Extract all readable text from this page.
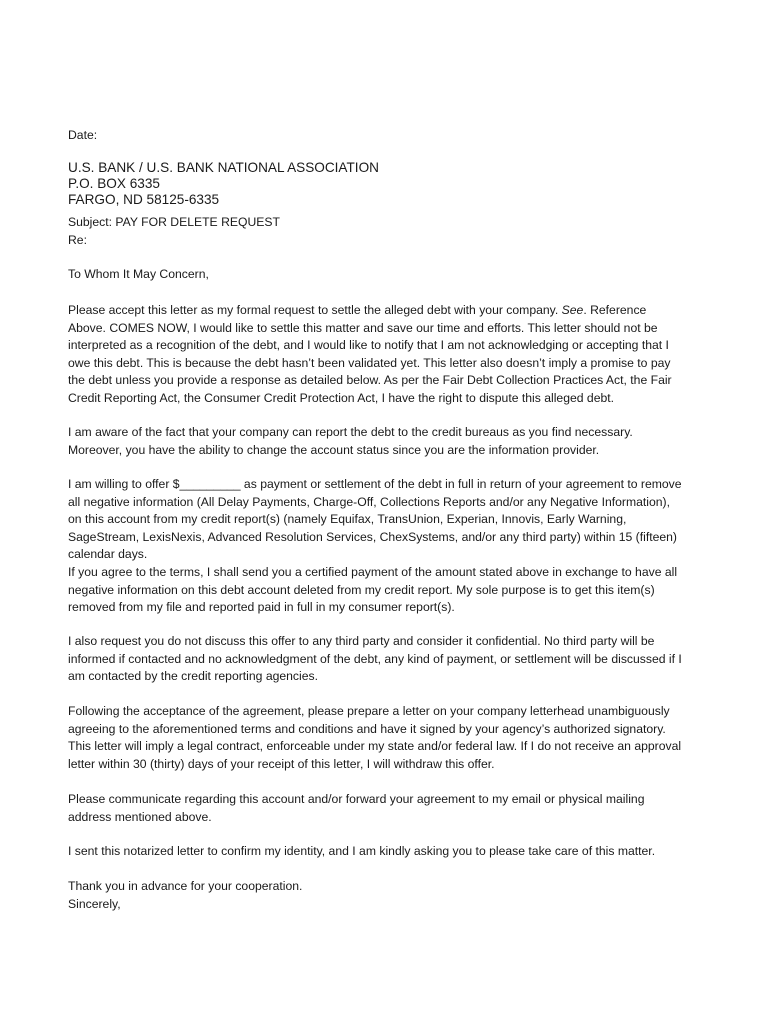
Date:

U.S. BANK / U.S. BANK NATIONAL ASSOCIATION
P.O. BOX 6335
FARGO, ND 58125-6335

Subject: PAY FOR DELETE REQUEST
Re:

To Whom It May Concern,

Please accept this letter as my formal request to settle the alleged debt with your company. See. Reference
Above. COMES NOW, I would like to settle this matter and save our time and efforts. This letter should not be
interpreted as a recognition of the debt, and I would like to notify that I am not acknowledging or accepting that I
owe this debt. This is because the debt hasn’t been validated yet. This letter also doesn’t imply a promise to pay
the debt unless you provide a response as detailed below. As per the Fair Debt Collection Practices Act, the Fair
Credit Reporting Act, the Consumer Credit Protection Act, I have the right to dispute this alleged debt.

I am aware of the fact that your company can report the debt to the credit bureaus as you find necessary.
Moreover, you have the ability to change the account status since you are the information provider.

I am willing to offer $_________ as payment or settlement of the debt in full in return of your agreement to remove
all negative information (All Delay Payments, Charge-Off, Collections Reports and/or any Negative Information),
on this account from my credit report(s) (namely Equifax, TransUnion, Experian, Innovis, Early Warning,
SageStream, LexisNexis, Advanced Resolution Services, ChexSystems, and/or any third party) within 15 (fifteen)
calendar days.
If you agree to the terms, I shall send you a certified payment of the amount stated above in exchange to have all
negative information on this debt account deleted from my credit report. My sole purpose is to get this item(s)
removed from my file and reported paid in full in my consumer report(s).

I also request you do not discuss this offer to any third party and consider it confidential. No third party will be
informed if contacted and no acknowledgment of the debt, any kind of payment, or settlement will be discussed if I
am contacted by the credit reporting agencies.

Following the acceptance of the agreement, please prepare a letter on your company letterhead unambiguously
agreeing to the aforementioned terms and conditions and have it signed by your agency’s authorized signatory.
This letter will imply a legal contract, enforceable under my state and/or federal law. If I do not receive an approval
letter within 30 (thirty) days of your receipt of this letter, I will withdraw this offer.

Please communicate regarding this account and/or forward your agreement to my email or physical mailing
address mentioned above.

I sent this notarized letter to confirm my identity, and I am kindly asking you to please take care of this matter.

Thank you in advance for your cooperation.
Sincerely,
